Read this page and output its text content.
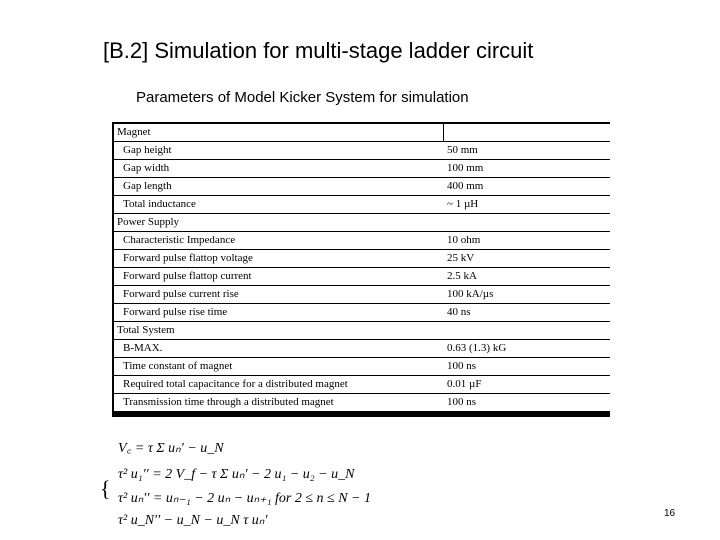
[B.2] Simulation for multi-stage ladder circuit
Parameters of Model Kicker System for simulation
Magnet
Gap height	50 mm
Gap width	100 mm
Gap length	400 mm
Total inductance	~ 1 µH
Power Supply
Characteristic Impedance	10 ohm
Forward pulse flattop voltage	25 kV
Forward pulse flattop current	2.5 kA
Forward pulse current rise	100 kA/µs
Forward pulse rise time	40 ns
Total System
B-MAX.	0.63 (1.3) kG
Time constant of magnet	100 ns
Required total capacitance for a distributed magnet	0.01 µF
Transmission time through a distributed magnet	100 ns
{
V꜀ = τ Σ uₙ′ − u_N
τ² u₁′′ = 2 V_f − τ Σ uₙ′ − 2 u₁ − u₂ − u_N
τ² uₙ′′ = uₙ₋₁ − 2 uₙ − uₙ₊₁ for 2 ≤ n ≤ N − 1
τ² u_N′′ − u_N − u_N τ uₙ′	16
